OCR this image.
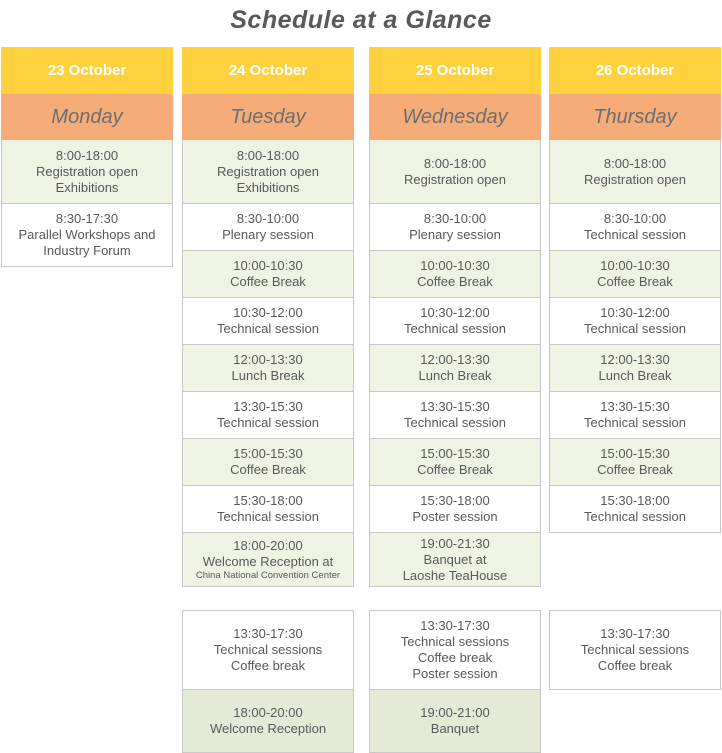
Schedule at a Glance
23 October
Monday
8:00-18:00
Registration open
Exhibitions
8:30-17:30
Parallel Workshops and
Industry Forum
24 October
Tuesday
8:00-18:00
Registration open
Exhibitions
8:30-10:00
Plenary session
10:00-10:30
Coffee Break
10:30-12:00
Technical session
12:00-13:30
Lunch Break
13:30-15:30
Technical session
15:00-15:30
Coffee Break
15:30-18:00
Technical session
18:00-20:00
Welcome Reception at
China National Convention Center
25 October
Wednesday
8:00-18:00
Registration open
8:30-10:00
Plenary session
10:00-10:30
Coffee Break
10:30-12:00
Technical session
12:00-13:30
Lunch Break
13:30-15:30
Technical session
15:00-15:30
Coffee Break
15:30-18:00
Poster session
19:00-21:30
Banquet at
Laoshe TeaHouse
26 October
Thursday
8:00-18:00
Registration open
8:30-10:00
Technical session
10:00-10:30
Coffee Break
10:30-12:00
Technical session
12:00-13:30
Lunch Break
13:30-15:30
Technical session
15:00-15:30
Coffee Break
15:30-18:00
Technical session
13:30-17:30
Technical sessions
Coffee break
18:00-20:00
Welcome Reception
13:30-17:30
Technical sessions
Coffee break
Poster session
19:00-21:00
Banquet
13:30-17:30
Technical sessions
Coffee break
